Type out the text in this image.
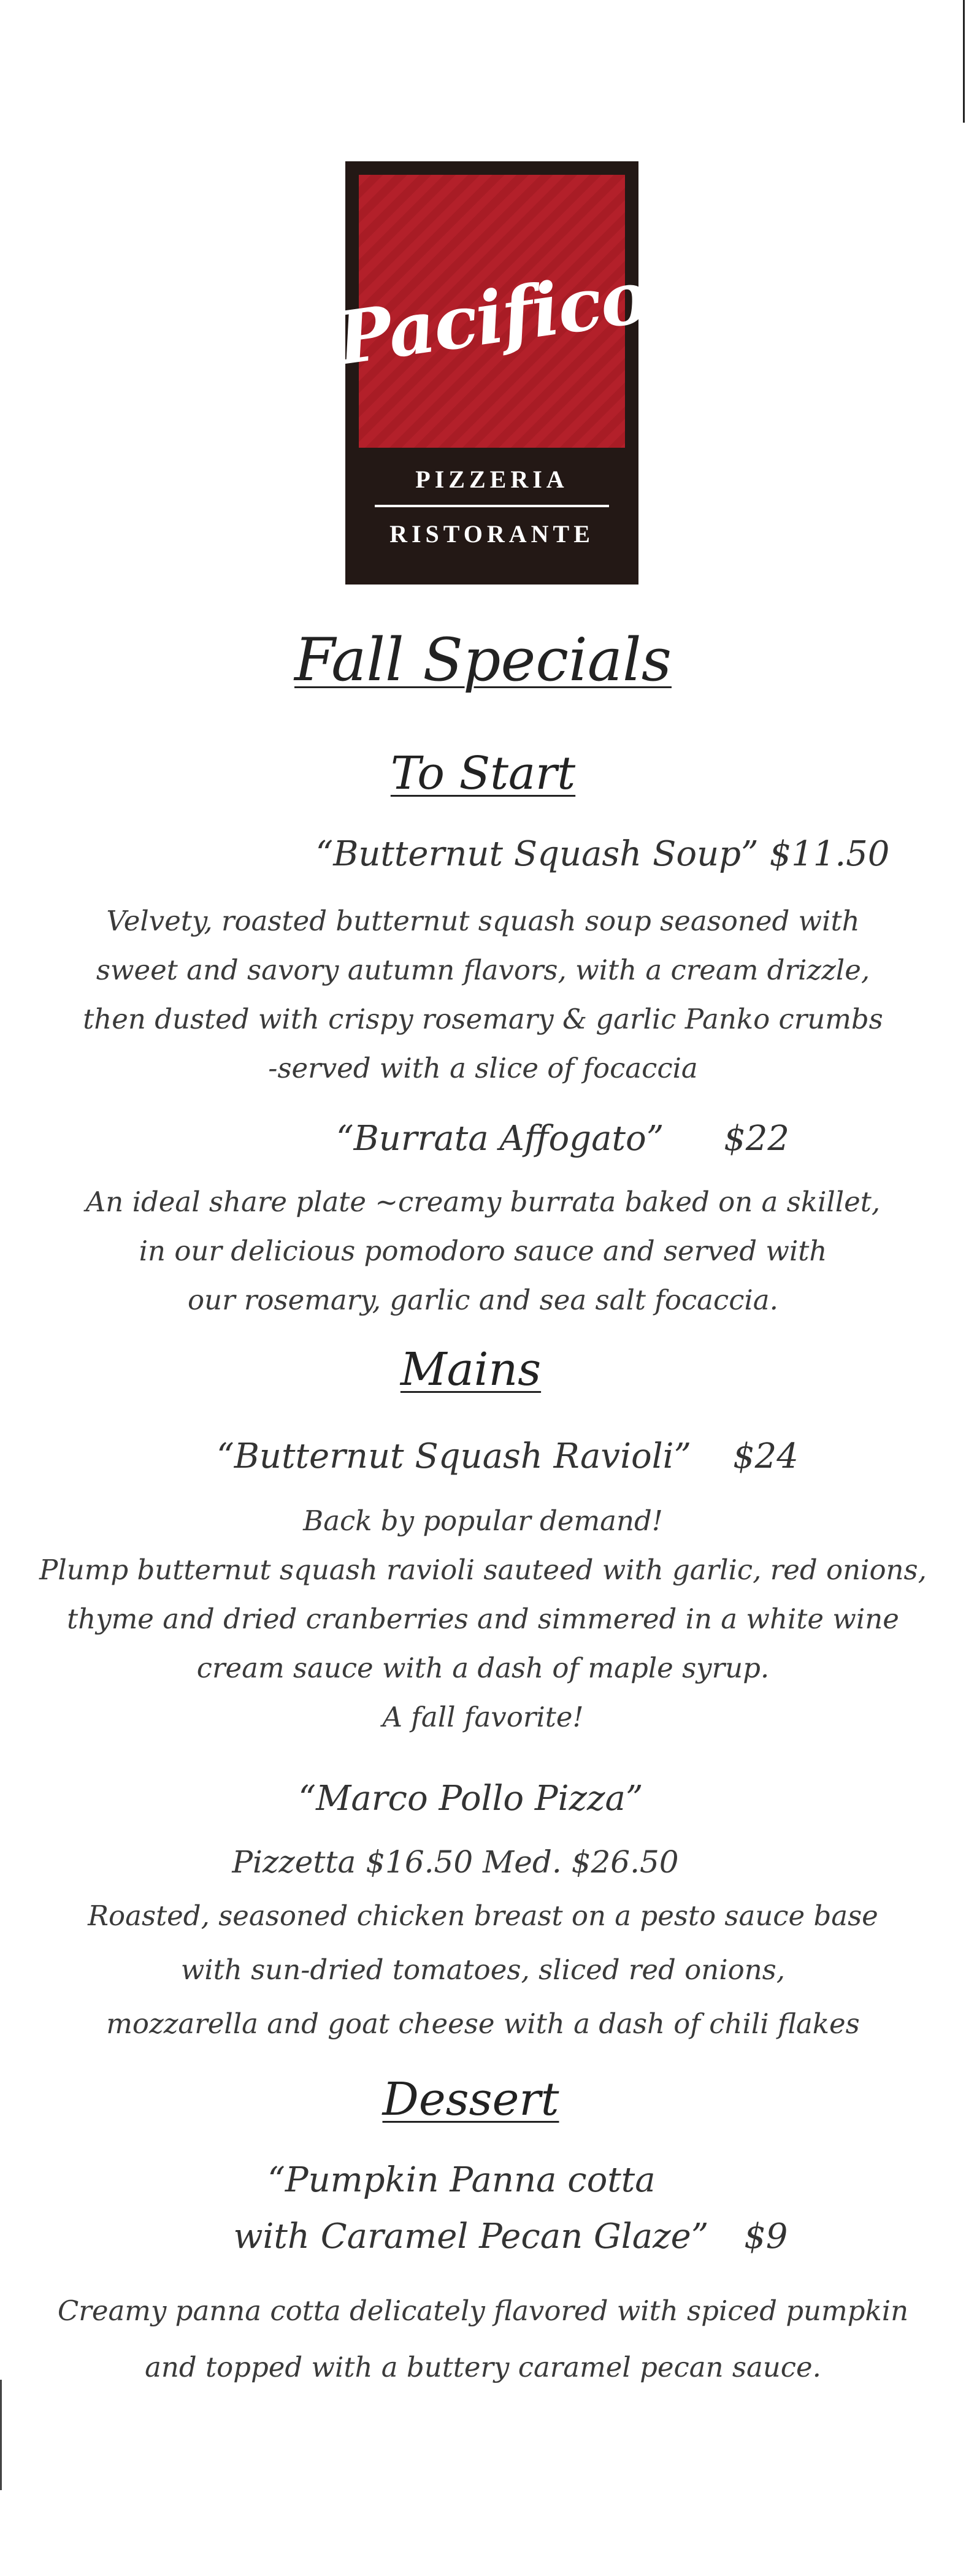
Pacifico
PIZZERIA
RISTORANTE
Fall Specials
To Start
“Butternut Squash Soup” $11.50
Velvety, roasted butternut squash soup seasoned with
sweet and savory autumn flavors, with a cream drizzle,
then dusted with crispy rosemary & garlic Panko crumbs
-served with a slice of focaccia
“Burrata Affogato” $22
An ideal share plate ~creamy burrata baked on a skillet,
in our delicious pomodoro sauce and served with
our rosemary, garlic and sea salt focaccia.
Mains
“Butternut Squash Ravioli” $24
Back by popular demand!
Plump butternut squash ravioli sauteed with garlic, red onions,
thyme and dried cranberries and simmered in a white wine
cream sauce with a dash of maple syrup.
A fall favorite!
“Marco Pollo Pizza”
Pizzetta $16.50 Med. $26.50
Roasted, seasoned chicken breast on a pesto sauce base
with sun-dried tomatoes, sliced red onions,
mozzarella and goat cheese with a dash of chili flakes
Dessert
“Pumpkin Panna cotta
with Caramel Pecan Glaze” $9
Creamy panna cotta delicately flavored with spiced pumpkin
and topped with a buttery caramel pecan sauce.
